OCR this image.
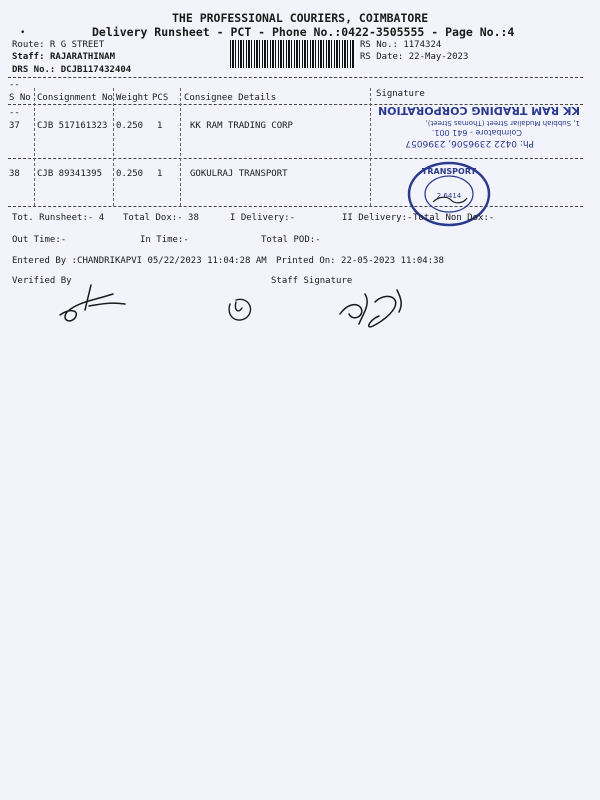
•
THE PROFESSIONAL COURIERS, COIMBATORE
Delivery Runsheet - PCT - Phone No.:0422-3505555 - Page No.:4
Route: R G STREET
Staff: RAJARATHINAM
DRS No.: DCJB117432404
RS No.: 1174324
RS Date: 22-May-2023
--
S No Consignment No Weight PCS Consignee Details	Signature
--
37 CJB 517161323 0.250 1	KK RAM TRADING CORP
38 CJB 89341395 0.250 1	GOKULRAJ TRANSPORT
Ph: 0422 2396506, 2396057
Coimbatore - 641 001.
1, Subbiah Mudaliar Street (Thomas Street),
KK RAM TRADING CORPORATION
TRANSPORT
2 6414
Tot. Runsheet:- 4 Total Dox:- 38	I Delivery:-	II Delivery:- Total Non Dox:-
Out Time:-	In Time:-	Total POD:-
Entered By :CHANDRIKAPVI 05/22/2023 11:04:28 AM Printed On: 22-05-2023 11:04:38
Verified By	Staff Signature
